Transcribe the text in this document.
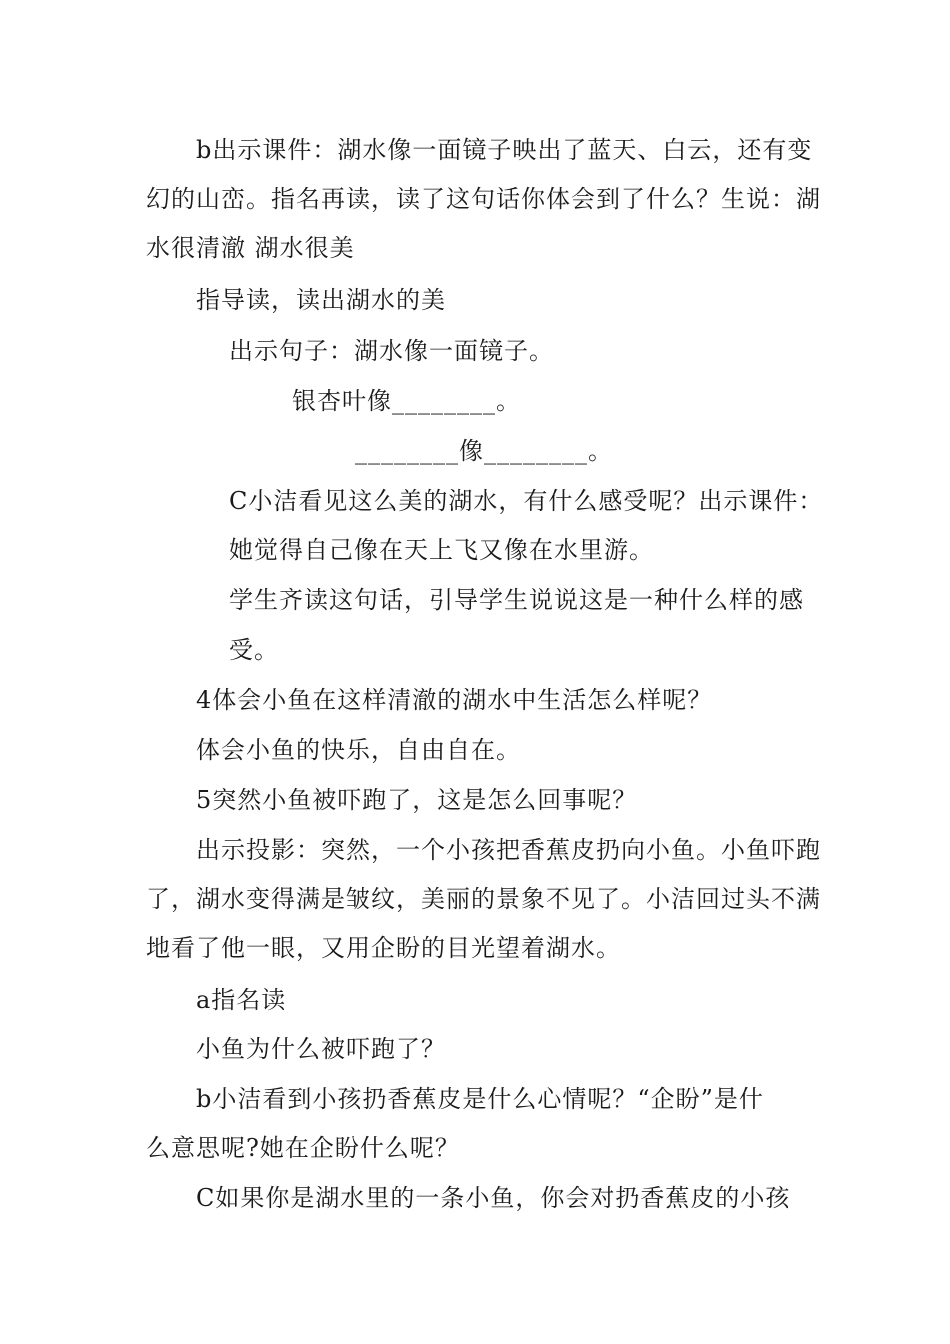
b出示课件：湖水像一面镜子映出了蓝天、白云，还有变
幻的山峦。指名再读，读了这句话你体会到了什么？生说：湖
水很清澈 湖水很美
指导读，读出湖水的美
出示句子：湖水像一面镜子。
银杏叶像________。
________像________。
C小洁看见这么美的湖水，有什么感受呢？出示课件：
她觉得自己像在天上飞又像在水里游。
学生齐读这句话，引导学生说说这是一种什么样的感
受。
4体会小鱼在这样清澈的湖水中生活怎么样呢？
体会小鱼的快乐，自由自在。
5突然小鱼被吓跑了，这是怎么回事呢？
出示投影：突然，一个小孩把香蕉皮扔向小鱼。小鱼吓跑
了，湖水变得满是皱纹，美丽的景象不见了。小洁回过头不满
地看了他一眼，又用企盼的目光望着湖水。
a指名读
小鱼为什么被吓跑了？
b小洁看到小孩扔香蕉皮是什么心情呢？“企盼”是什
么意思呢?她在企盼什么呢？
C如果你是湖水里的一条小鱼，你会对扔香蕉皮的小孩
